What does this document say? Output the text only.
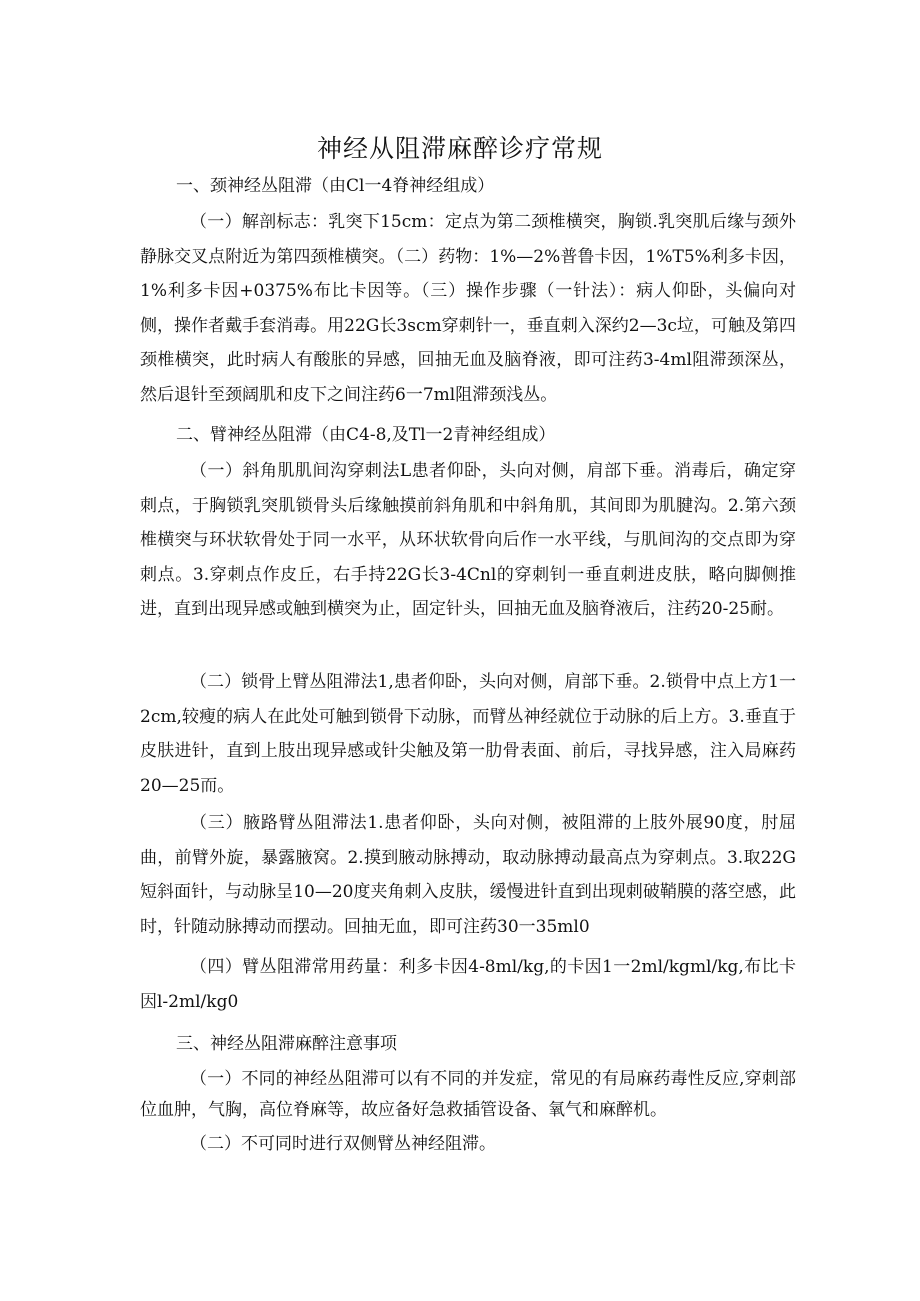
神经从阻滞麻醉诊疗常规
一、颈神经丛阻滞（由Cl一4脊神经组成）
（一）解剖标志：乳突下15cm：定点为第二颈椎横突，胸锁.乳突肌后缘与颈外静脉交叉点附近为第四颈椎横突。（二）药物：1%—2%普鲁卡因，1%T5%利多卡因，1%利多卡因+0375%布比卡因等。（三）操作步骤（一针法）：病人仰卧，头偏向对侧，操作者戴手套消毒。用22G长3scm穿刺针一，垂直刺入深约2—3c垃，可触及第四颈椎横突，此时病人有酸胀的异感，回抽无血及脑脊液，即可注药3-4ml阻滞颈深丛，然后退针至颈阔肌和皮下之间注药6一7ml阻滞颈浅丛。
二、臂神经丛阻滞（由C4-8,及Tl一2青神经组成）
（一）斜角肌肌间沟穿刺法L患者仰卧，头向对侧，肩部下垂。消毒后，确定穿刺点，于胸锁乳突肌锁骨头后缘触摸前斜角肌和中斜角肌，其间即为肌腱沟。2.第六颈椎横突与环状软骨处于同一水平，从环状软骨向后作一水平线，与肌间沟的交点即为穿刺点。3.穿刺点作皮丘，右手持22G长3-4Cnl的穿刺钊一垂直刺进皮肤，略向脚侧推进，直到出现异感或触到横突为止，固定针头，回抽无血及脑脊液后，注药20-25耐。
（二）锁骨上臂丛阻滞法1,患者仰卧，头向对侧，肩部下垂。2.锁骨中点上方1一2cm,较瘦的病人在此处可触到锁骨下动脉，而臂丛神经就位于动脉的后上方。3.垂直于皮肤进针，直到上肢出现异感或针尖触及第一肋骨表面、前后，寻找异感，注入局麻药20—25而。
（三）腋路臂丛阻滞法1.患者仰卧，头向对侧，被阻滞的上肢外展90度，肘屈曲，前臂外旋，暴露腋窝。2.摸到腋动脉搏动，取动脉搏动最高点为穿刺点。3.取22G短斜面针，与动脉呈10—20度夹角刺入皮肤，缓慢进针直到出现刺破鞘膜的落空感，此时，针随动脉搏动而摆动。回抽无血，即可注药30一35ml0
（四）臂丛阻滞常用药量：利多卡因4-8ml/kg,的卡因1一2ml/kgml/kg,布比卡因l-2ml/kg0
三、神经丛阻滞麻醉注意事项
（一）不同的神经丛阻滞可以有不同的并发症，常见的有局麻药毒性反应,穿刺部位血肿，气胸，高位脊麻等，故应备好急救插管设备、氧气和麻醉机。
（二）不可同时进行双侧臂丛神经阻滞。
